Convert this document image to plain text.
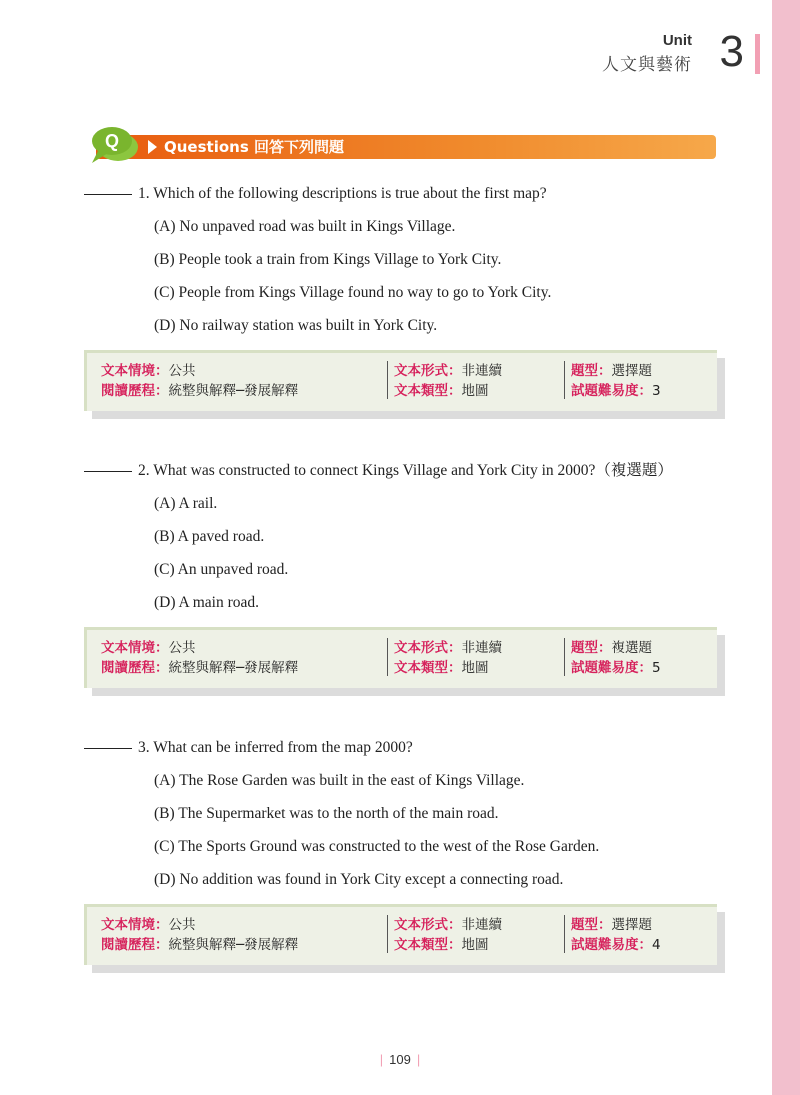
Unit
人文與藝術 3
Q	Questions 回答下列問題
1. Which of the following descriptions is true about the first map?
(A) No unpaved road was built in Kings Village.
(B) People took a train from Kings Village to York City.
(C) People from Kings Village found no way to go to York City.
(D) No railway station was built in York City.
文本情境：公共
閱讀歷程：統整與解釋─發展解釋
文本形式：非連續
文本類型：地圖
題型：選擇題
試題難易度：3
2. What was constructed to connect Kings Village and York City in 2000?（複選題）
(A) A rail.
(B) A paved road.
(C) An unpaved road.
(D) A main road.
文本情境：公共
閱讀歷程：統整與解釋─發展解釋
文本形式：非連續
文本類型：地圖
題型：複選題
試題難易度：5
3. What can be inferred from the map 2000?
(A) The Rose Garden was built in the east of Kings Village.
(B) The Supermarket was to the north of the main road.
(C) The Sports Ground was constructed to the west of the Rose Garden.
(D) No addition was found in York City except a connecting road.
文本情境：公共
閱讀歷程：統整與解釋─發展解釋
文本形式：非連續
文本類型：地圖
題型：選擇題
試題難易度：4
| 109 |
